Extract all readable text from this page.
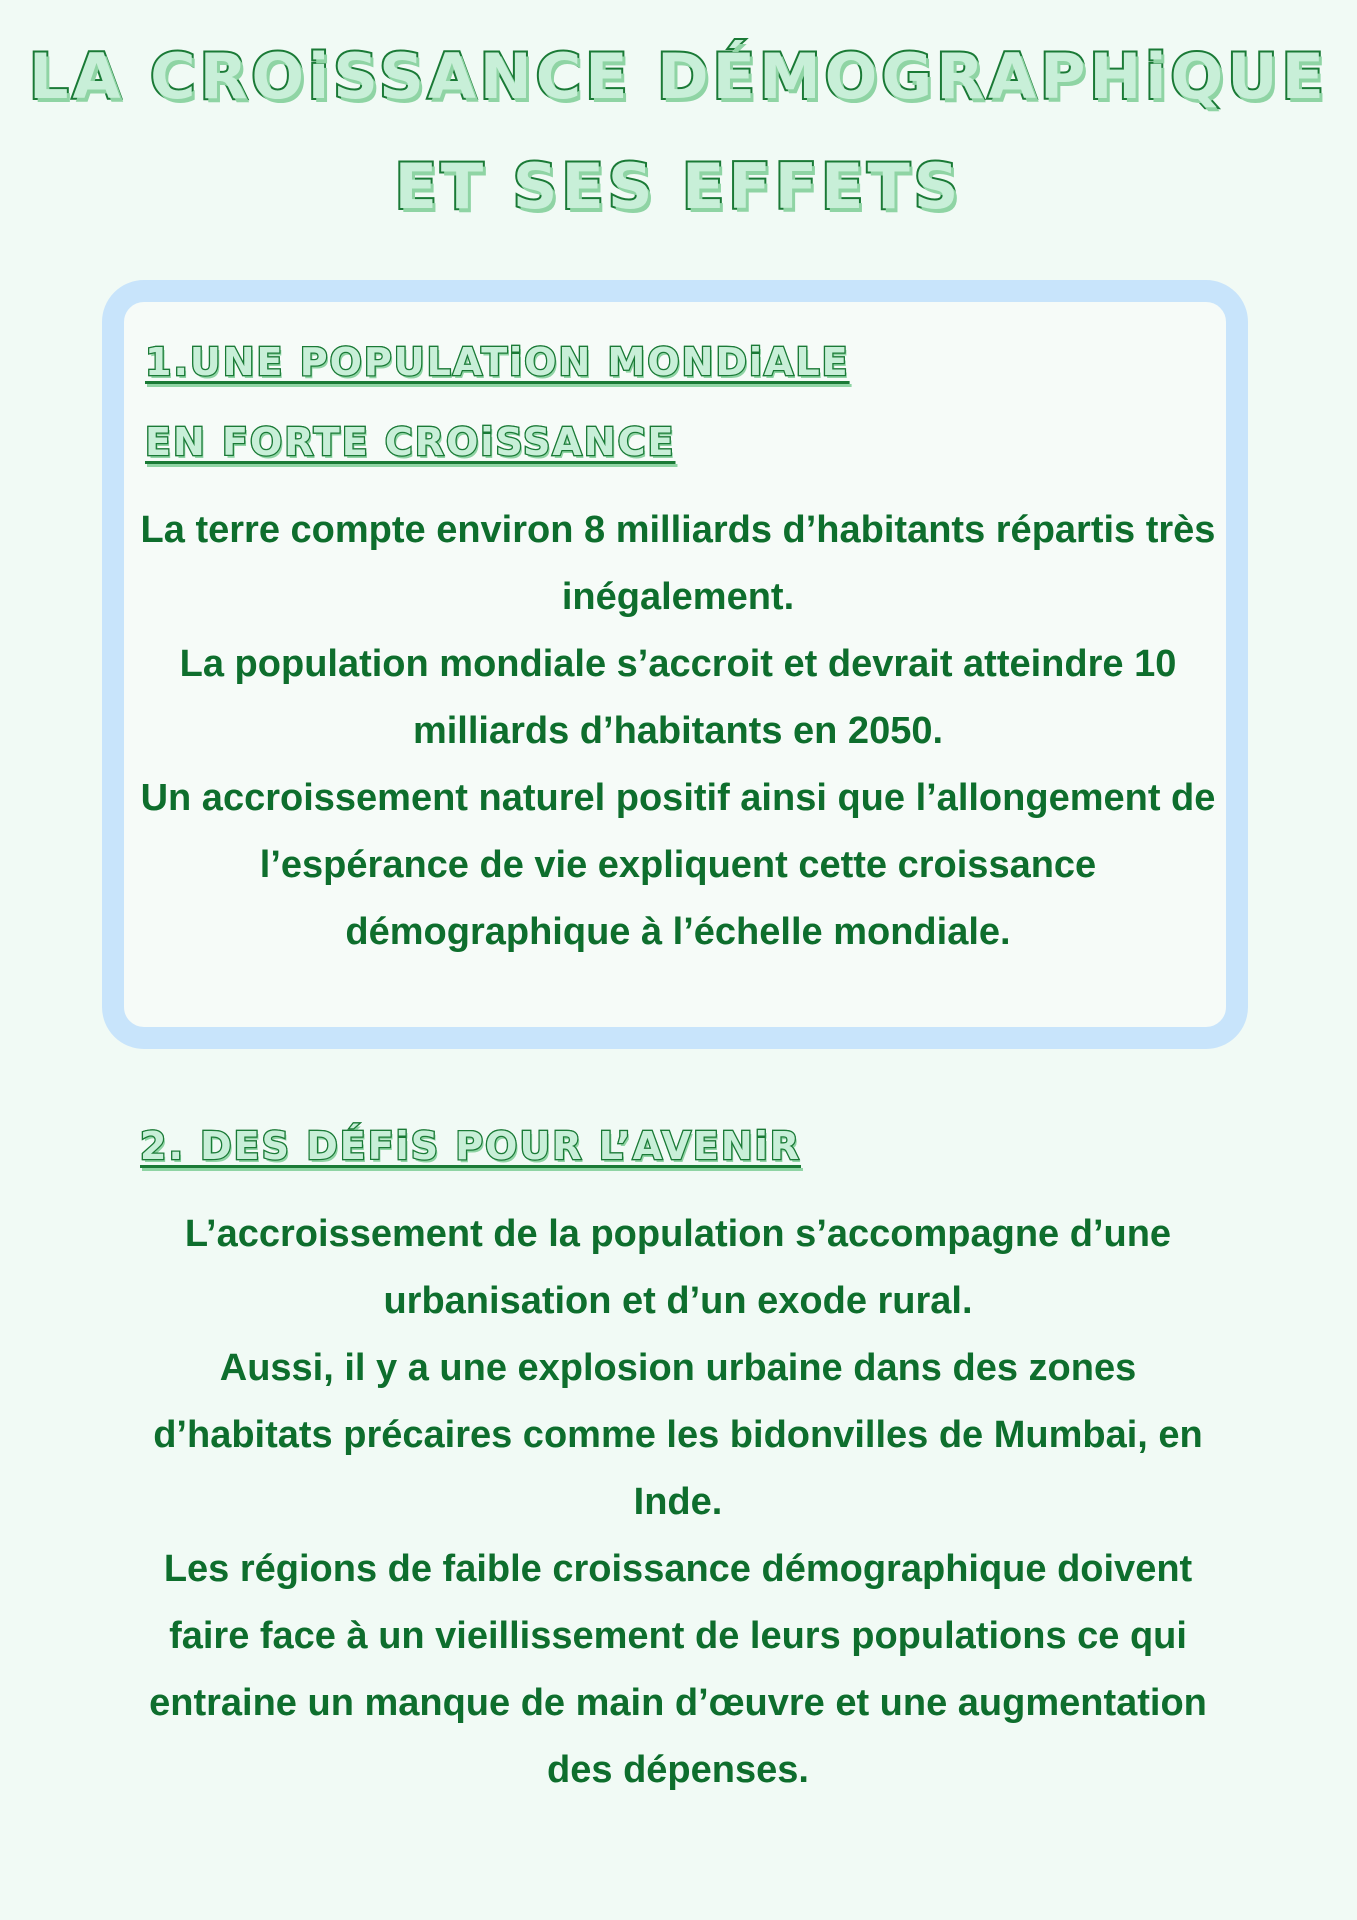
LA CROiSSANCE DÉMOGRAPHiQUE
ET SES EFFETS
1.UNE POPULATiON MONDiALE
EN FORTE CROiSSANCE
La terre compte environ 8 milliards d’habitants répartis très inégalement.
La population mondiale s’accroit et devrait atteindre 10 milliards d’habitants en 2050.
Un accroissement naturel positif ainsi que l’allongement de l’espérance de vie expliquent cette croissance démographique à l’échelle mondiale.
2. DES DÉFiS POUR L’AVENiR
L’accroissement de la population s’accompagne d’une urbanisation et d’un exode rural.
Aussi, il y a une explosion urbaine dans des zones d’habitats précaires comme les bidonvilles de Mumbai, en Inde.
Les régions de faible croissance démographique doivent faire face à un vieillissement de leurs populations ce qui entraine un manque de main d’œuvre et une augmentation des dépenses.
